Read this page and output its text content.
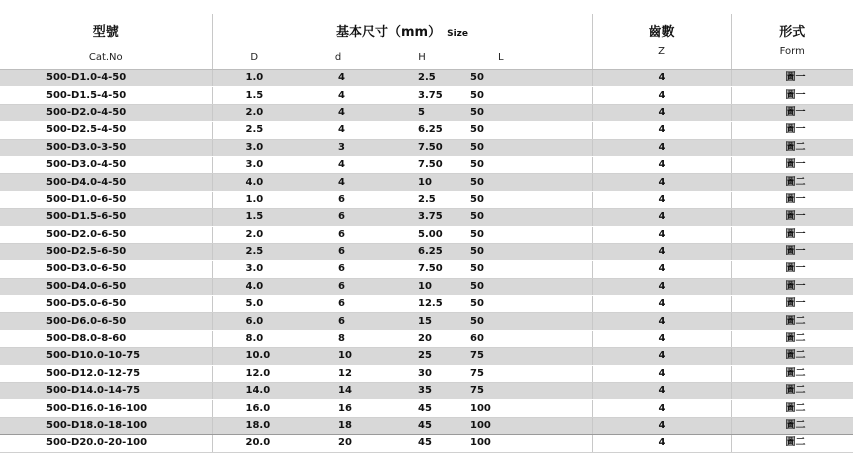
型號	基本尺寸（mm） Size				齒數	形式
Cat.No	D	d	H	L	Z	Form
500-D1.0-4-50	1.0	4	2.5	50	4	圖一
500-D1.5-4-50	1.5	4	3.75	50	4	圖一
500-D2.0-4-50	2.0	4	5	50	4	圖一
500-D2.5-4-50	2.5	4	6.25	50	4	圖一
500-D3.0-3-50	3.0	3	7.50	50	4	圖二
500-D3.0-4-50	3.0	4	7.50	50	4	圖一
500-D4.0-4-50	4.0	4	10	50	4	圖二
500-D1.0-6-50	1.0	6	2.5	50	4	圖一
500-D1.5-6-50	1.5	6	3.75	50	4	圖一
500-D2.0-6-50	2.0	6	5.00	50	4	圖一
500-D2.5-6-50	2.5	6	6.25	50	4	圖一
500-D3.0-6-50	3.0	6	7.50	50	4	圖一
500-D4.0-6-50	4.0	6	10	50	4	圖一
500-D5.0-6-50	5.0	6	12.5	50	4	圖一
500-D6.0-6-50	6.0	6	15	50	4	圖二
500-D8.0-8-60	8.0	8	20	60	4	圖二
500-D10.0-10-75	10.0	10	25	75	4	圖二
500-D12.0-12-75	12.0	12	30	75	4	圖二
500-D14.0-14-75	14.0	14	35	75	4	圖二
500-D16.0-16-100	16.0	16	45	100	4	圖二
500-D18.0-18-100	18.0	18	45	100	4	圖二
500-D20.0-20-100	20.0	20	45	100	4	圖二
